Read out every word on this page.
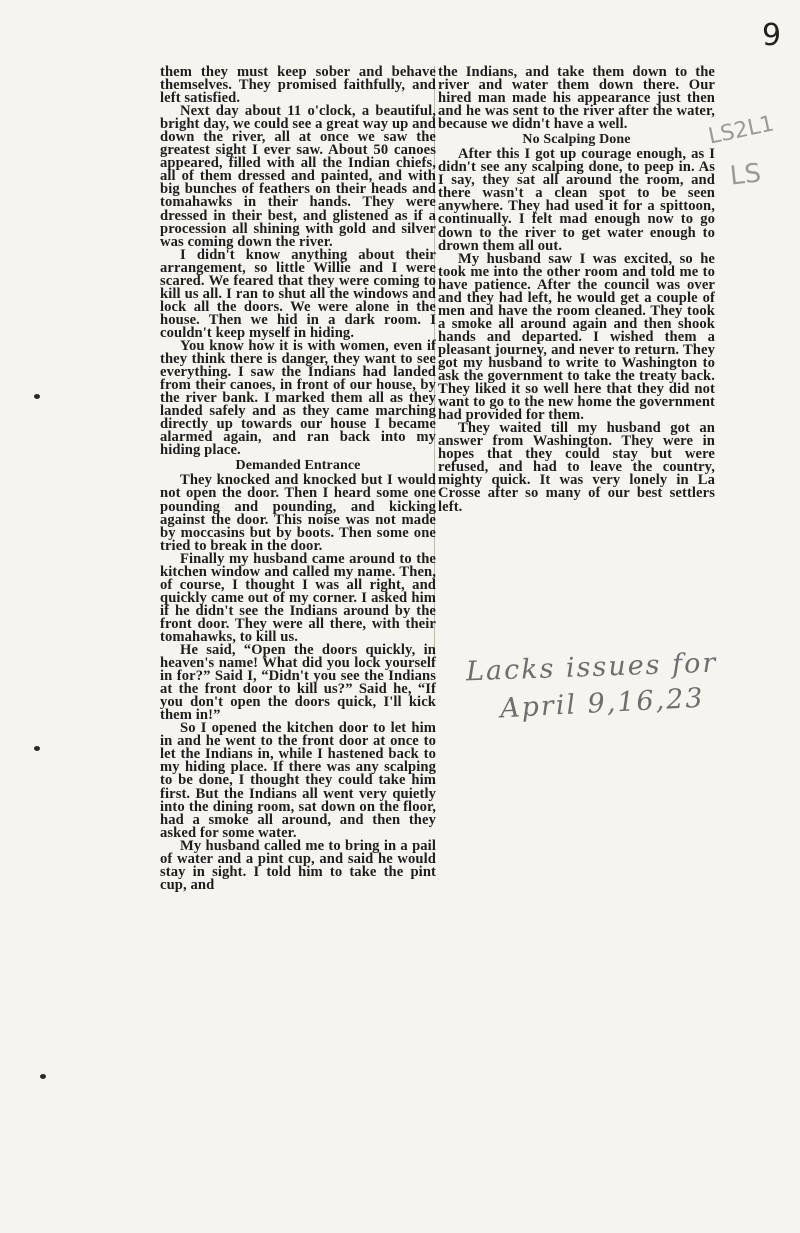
9
LS2L1
LS

them they must keep sober and behave themselves. They promised faithfully, and left satisfied.

Next day about 11 o'clock, a beautiful, bright day, we could see a great way up and down the river, all at once we saw the greatest sight I ever saw. About 50 canoes appeared, filled with all the Indian chiefs, all of them dressed and painted, and with big bunches of feathers on their heads and tomahawks in their hands. They were dressed in their best, and glistened as if a procession all shining with gold and silver was coming down the river.

I didn't know anything about their arrangement, so little Willie and I were scared. We feared that they were coming to kill us all. I ran to shut all the windows and lock all the doors. We were alone in the house. Then we hid in a dark room. I couldn't keep myself in hiding.

You know how it is with women, even if they think there is danger, they want to see everything. I saw the Indians had landed from their canoes, in front of our house, by the river bank. I marked them all as they landed safely and as they came marching directly up towards our house I became alarmed again, and ran back into my hiding place.

Demanded Entrance

They knocked and knocked but I would not open the door. Then I heard some one pounding and pounding, and kicking against the door. This noise was not made by moccasins but by boots. Then some one tried to break in the door.

Finally my husband came around to the kitchen window and called my name. Then, of course, I thought I was all right, and quickly came out of my corner. I asked him if he didn't see the Indians around by the front door. They were all there, with their tomahawks, to kill us.

He said, “Open the doors quickly, in heaven's name! What did you lock yourself in for?” Said I, “Didn't you see the Indians at the front door to kill us?” Said he, “If you don't open the doors quick, I'll kick them in!”

So I opened the kitchen door to let him in and he went to the front door at once to let the Indians in, while I hastened back to my hiding place. If there was any scalping to be done, I thought they could take him first. But the Indians all went very quietly into the dining room, sat down on the floor, had a smoke all around, and then they asked for some water.

My husband called me to bring in a pail of water and a pint cup, and said he would stay in sight. I told him to take the pint cup, and

the Indians, and take them down to the river and water them down there. Our hired man made his appearance just then and he was sent to the river after the water, because we didn't have a well.

No Scalping Done

After this I got up courage enough, as I didn't see any scalping done, to peep in. As I say, they sat all around the room, and there wasn't a clean spot to be seen anywhere. They had used it for a spittoon, continually. I felt mad enough now to go down to the river to get water enough to drown them all out.

My husband saw I was excited, so he took me into the other room and told me to have patience. After the council was over and they had left, he would get a couple of men and have the room cleaned. They took a smoke all around again and then shook hands and departed. I wished them a pleasant journey, and never to return. They got my husband to write to Washington to ask the government to take the treaty back. They liked it so well here that they did not want to go to the new home the government had provided for them.

They waited till my husband got an answer from Washington. They were in hopes that they could stay but were refused, and had to leave the country, mighty quick. It was very lonely in La Crosse after so many of our best settlers left.

Lacks issues for
April 9,16,23
